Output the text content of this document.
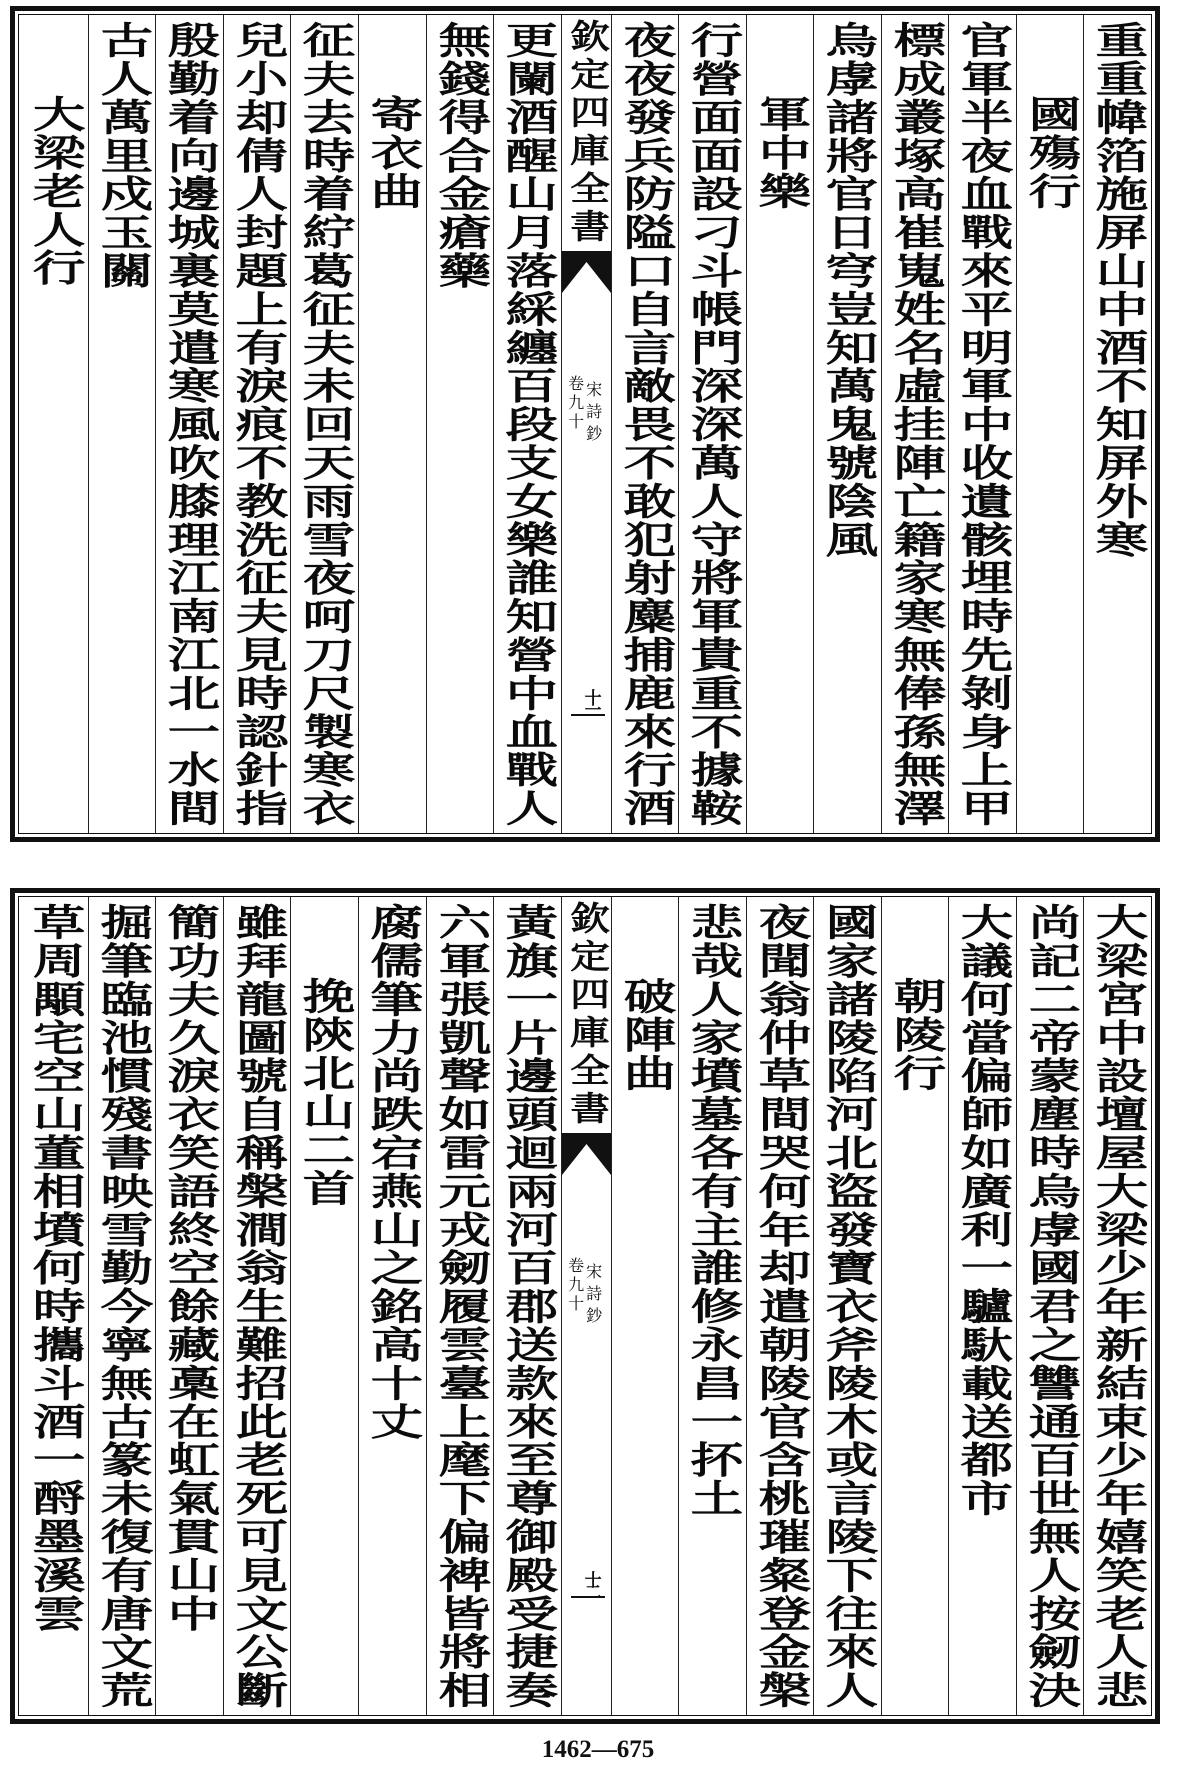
重重幃箔施屏山中酒不知屏外寒
國殤行
官軍半夜血戰來平明軍中收遺骸埋時先剝身上甲
標成叢塚高崔嵬姓名虛挂陣亡籍家寒無俸孫無澤
烏虖諸將官日穹豈知萬鬼號陰風
軍中樂
行營面面設刁斗帳門深深萬人守將軍貴重不據鞍
夜夜發兵防隘口自言敵畏不敢犯射麋捕鹿來行酒
欽定四庫全書
宋詩鈔
卷九十
十一
更闌酒醒山月落綵纏百段支女樂誰知營中血戰人
無錢得合金瘡藥
寄衣曲
征夫去時着紵葛征夫未回天雨雪夜呵刀尺製寒衣
兒小却倩人封題上有淚痕不教洗征夫見時認針指
殷勤着向邊城裏莫遣寒風吹膝理江南江北一水間
古人萬里戍玉關
大梁老人行
大梁宮中設壇屋大梁少年新結束少年嬉笑老人悲
尚記二帝蒙塵時烏虖國君之讐通百世無人按劒決
大議何當偏師如廣利一驢馱載送都市
朝陵行
國家諸陵陷河北盜發寶衣斧陵木或言陵下往來人
夜聞翁仲草間哭何年却遣朝陵官含桃璀粲登金槃
悲哉人家墳墓各有主誰修永昌一抔土
破陣曲
欽定四庫全書
宋詩鈔
卷九十
十二
黃旗一片邊頭迴兩河百郡送款來至尊御殿受捷奏
六軍張凱聲如雷元戎劒履雲臺上麾下偏裨皆將相
腐儒筆力尚跌宕燕山之銘高十丈
挽陝北山二首
雖拜龍圖號自稱槃澗翁生難招此老死可見文公斷
簡功夫久淚衣笑語終空餘藏槀在虹氣貫山中
掘筆臨池慣殘書映雪勤今寧無古篆未復有唐文荒
草周顒宅空山董相墳何時攜斗酒一酹墨溪雲
1462—675
